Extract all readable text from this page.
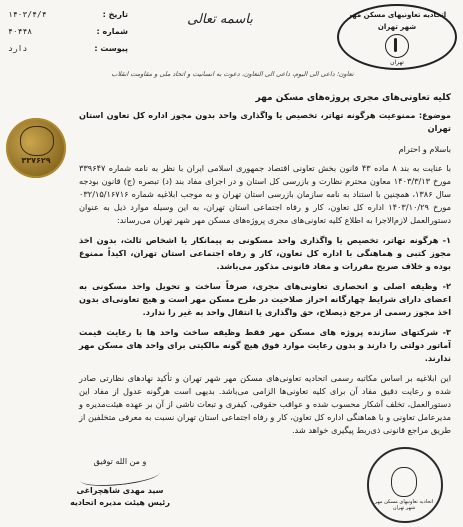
اتحادیه تعاونیهای مسکن مهر
شهر تهران
تهران
باسمه تعالی
تاریخ :
۱۴۰۳/۴/۴
شماره :
۴۰۴۴۸
پیوست :
دارد
تعاون؛ داعی الی الیوم، داعی الی التعاون، دعوت به انسانیت و اتحاد ملی و مقاومت انقلاب
۳۳۷۶۲۹
کلیه تعاونی‌های مجری پروژه‌های مسکن مهر
موضوع: ممنوعیت هرگونه تهاتر، تخصیص یا واگذاری واحد بدون مجوز اداره کل تعاون استان تهران
باسلام و احترام
با عنایت به بند ۸ ماده ۴۳ قانون بخش تعاونی اقتصاد جمهوری اسلامی ایران با نظر به نامه شماره ۳۳۹۶۴۷ مورخ ۱۴۰۳/۳/۱۳ معاون محترم نظارت و بازرسی کل استان و در اجرای مفاد بند (د) تبصره (ج) قانون بودجه سال ۱۳۸۶، همچنین با استناد به نامه سازمان بازرسی استان تهران و به موجب ابلاغیه شماره ۰۳۲/۱۵/۱۶۷۱۶ مورخ ۱۴۰۳/۱۰/۲۹ اداره کل تعاون، کار و رفاه اجتماعی استان تهران، به این وسیله موارد ذیل به عنوان دستورالعمل لازم‌الاجرا به اطلاع کلیه تعاونی‌های مجری پروژه‌های مسکن مهر شهر تهران می‌رساند:
۱- هرگونه تهاتر، تخصیص یا واگذاری واحد مسکونی به پیمانکار یا اشخاص ثالث، بدون اخذ مجوز کتبی و هماهنگی با اداره کل تعاون، کار و رفاه اجتماعی استان تهران، اکیداً ممنوع بوده و خلاف صریح مقررات و مفاد قانونی مذکور می‌باشد.
۲- وظیفه اصلی و انحصاری تعاونی‌های مجری، صرفاً ساخت و تحویل واحد مسکونی به اعضای دارای شرایط چهارگانه احراز صلاحیت در طرح مسکن مهر است و هیچ تعاونی‌ای بدون اخذ مجوز رسمی از مرجع ذیصلاح، حق واگذاری یا انتقال واحد به غیر را ندارد.
۳- شرکتهای سازنده پروژه های مسکن مهر فقط وظیفه ساخت واحد ها با رعایت قیمت آماتور دولتی را دارند و بدون رعایت موارد فوق هیچ گونه مالکیتی برای واحد های مسکن مهر ندارند.
این ابلاغیه بر اساس مکاتبه رسمی اتحادیه تعاونی‌های مسکن مهر شهر تهران و تأکید نهادهای نظارتی صادر شده و رعایت دقیق مفاد آن برای کلیه تعاونی‌ها الزامی می‌باشد. بدیهی است هرگونه عدول از مفاد این دستورالعمل، تخلف آشکار محسوب شده و عواقب حقوقی، کیفری و تبعات ناشی از آن بر عهده هیئت‌مدیره و مدیرعامل تعاونی و با هماهنگی اداره کل تعاون، کار و رفاه اجتماعی استان تهران نسبت به معرفی متخلفین از طریق مراجع قانونی ذی‌ربط پیگیری خواهد شد.
و من الله توفیق
سید مهدی شاهچراغی
رئیس هیئت مدیره اتحادیه	اتحادیه تعاونیهای مسکن مهر شهر تهران
